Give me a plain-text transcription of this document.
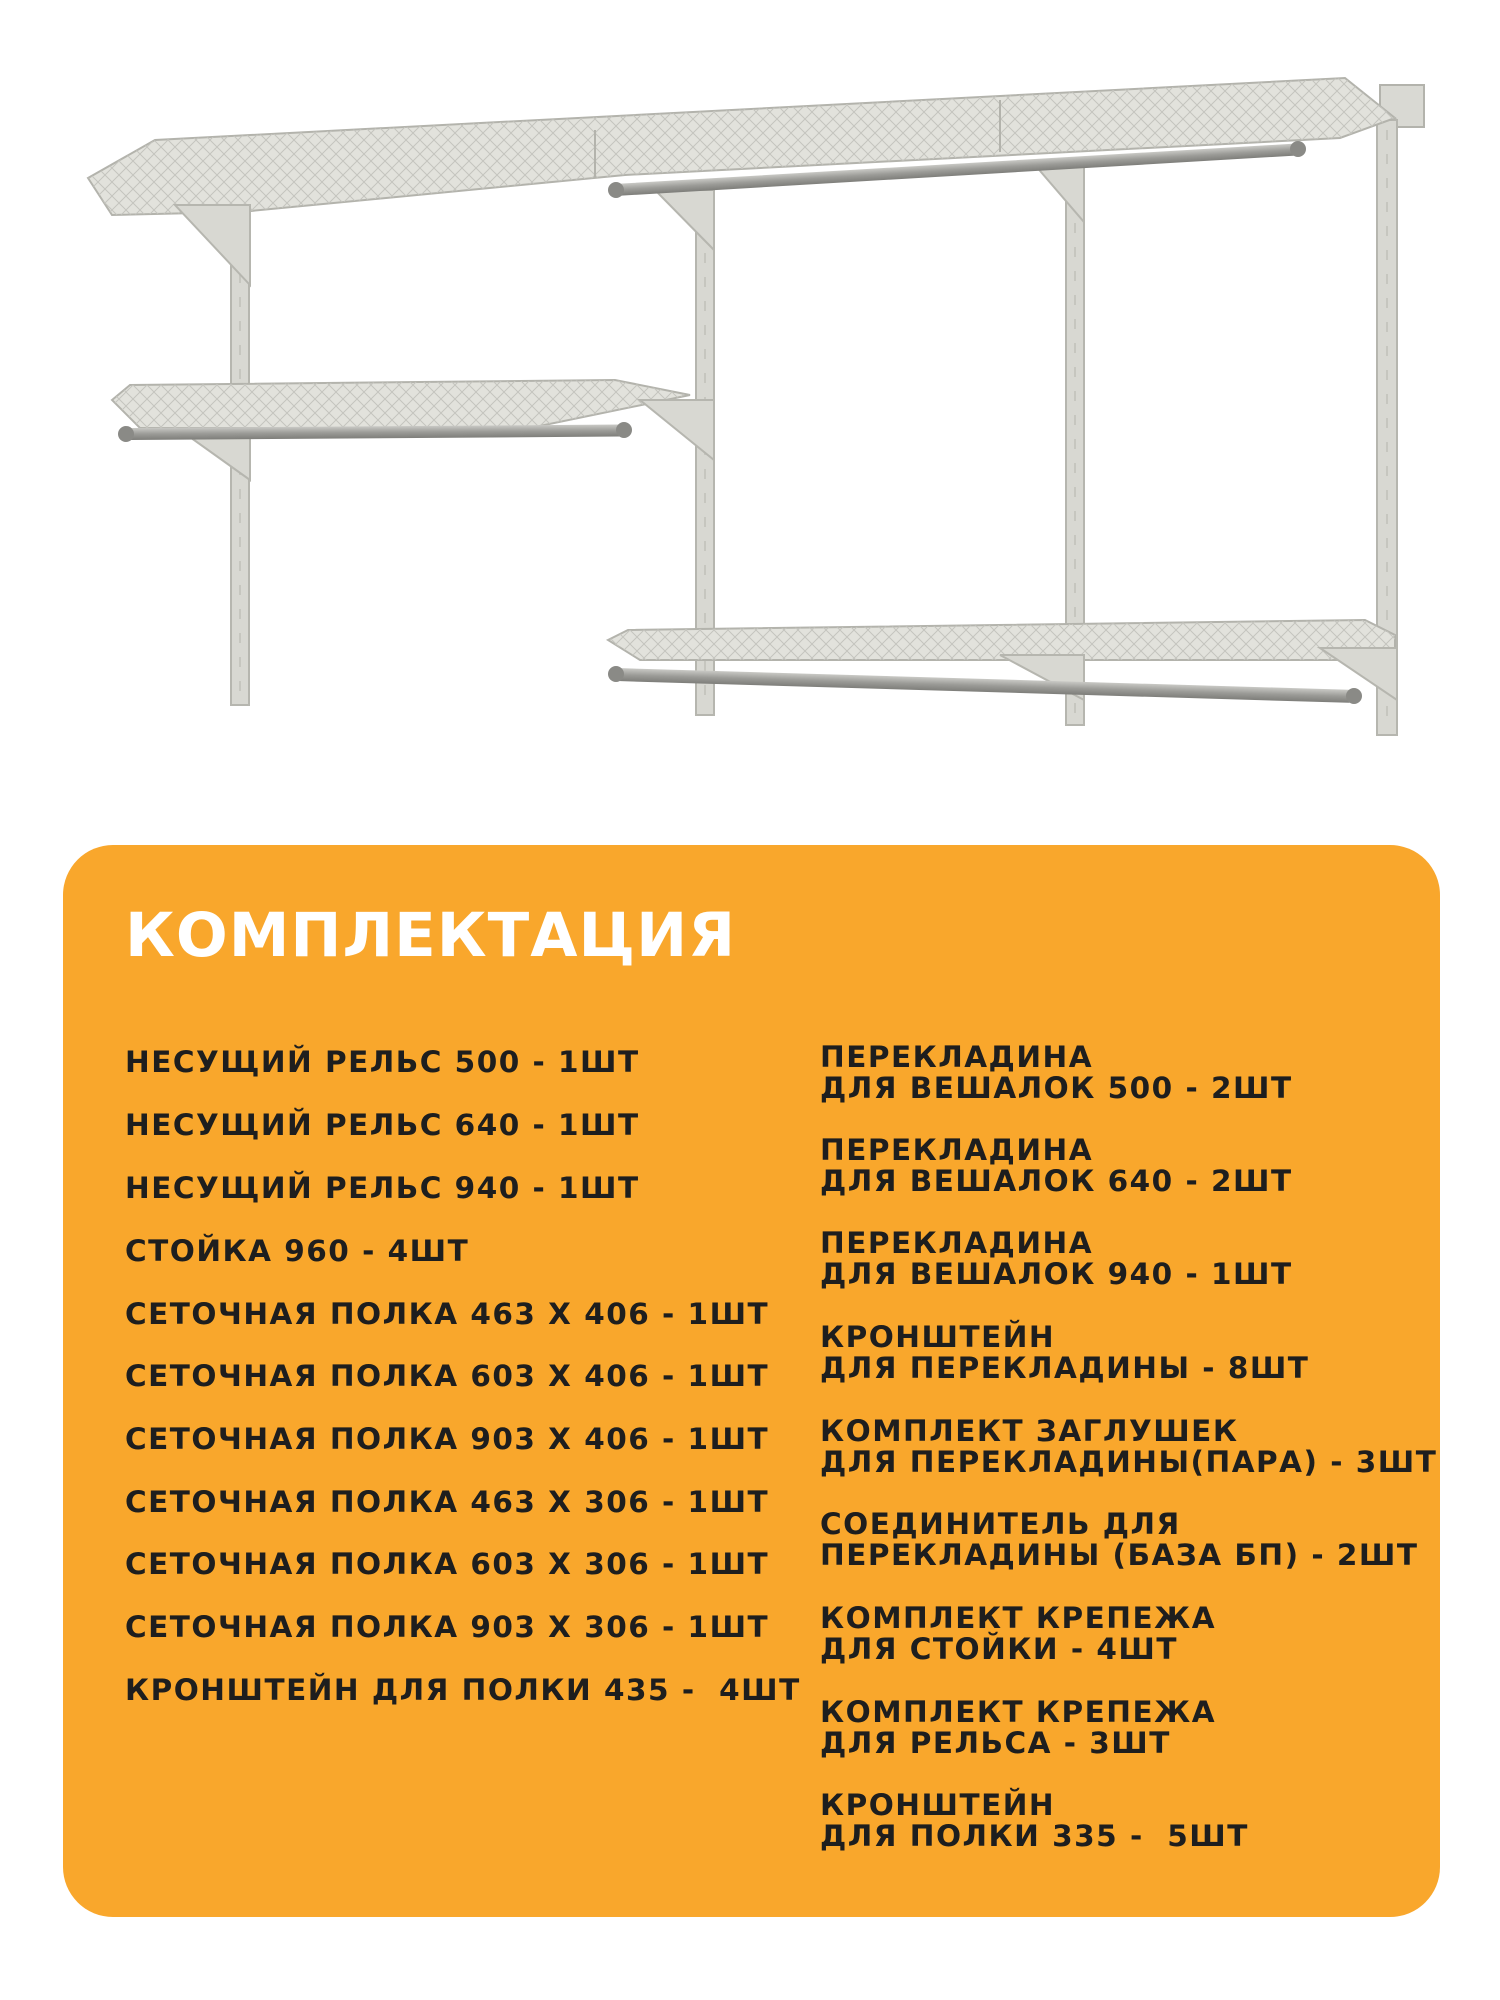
КОМПЛЕКТАЦИЯ
НЕСУЩИЙ РЕЛЬС 500 - 1ШТ
НЕСУЩИЙ РЕЛЬС 640 - 1ШТ
НЕСУЩИЙ РЕЛЬС 940 - 1ШТ
СТОЙКА 960 - 4ШТ
СЕТОЧНАЯ ПОЛКА 463 X 406 - 1ШТ
СЕТОЧНАЯ ПОЛКА 603 X 406 - 1ШТ
СЕТОЧНАЯ ПОЛКА 903 X 406 - 1ШТ
СЕТОЧНАЯ ПОЛКА 463 X 306 - 1ШТ
СЕТОЧНАЯ ПОЛКА 603 X 306 - 1ШТ
СЕТОЧНАЯ ПОЛКА 903 X 306 - 1ШТ
КРОНШТЕЙН ДЛЯ ПОЛКИ 435 -  4ШТ
ПЕРЕКЛАДИНА
ДЛЯ ВЕШАЛОК 500 - 2ШТ
ПЕРЕКЛАДИНА
ДЛЯ ВЕШАЛОК 640 - 2ШТ
ПЕРЕКЛАДИНА
ДЛЯ ВЕШАЛОК 940 - 1ШТ
КРОНШТЕЙН
ДЛЯ ПЕРЕКЛАДИНЫ - 8ШТ
КОМПЛЕКТ ЗАГЛУШЕК
ДЛЯ ПЕРЕКЛАДИНЫ(ПАРА) - 3ШТ
СОЕДИНИТЕЛЬ ДЛЯ
ПЕРЕКЛАДИНЫ (БАЗА БП) - 2ШТ
КОМПЛЕКТ КРЕПЕЖА
ДЛЯ СТОЙКИ - 4ШТ
КОМПЛЕКТ КРЕПЕЖА
ДЛЯ РЕЛЬСА - 3ШТ
КРОНШТЕЙН
ДЛЯ ПОЛКИ 335 -  5ШТ
